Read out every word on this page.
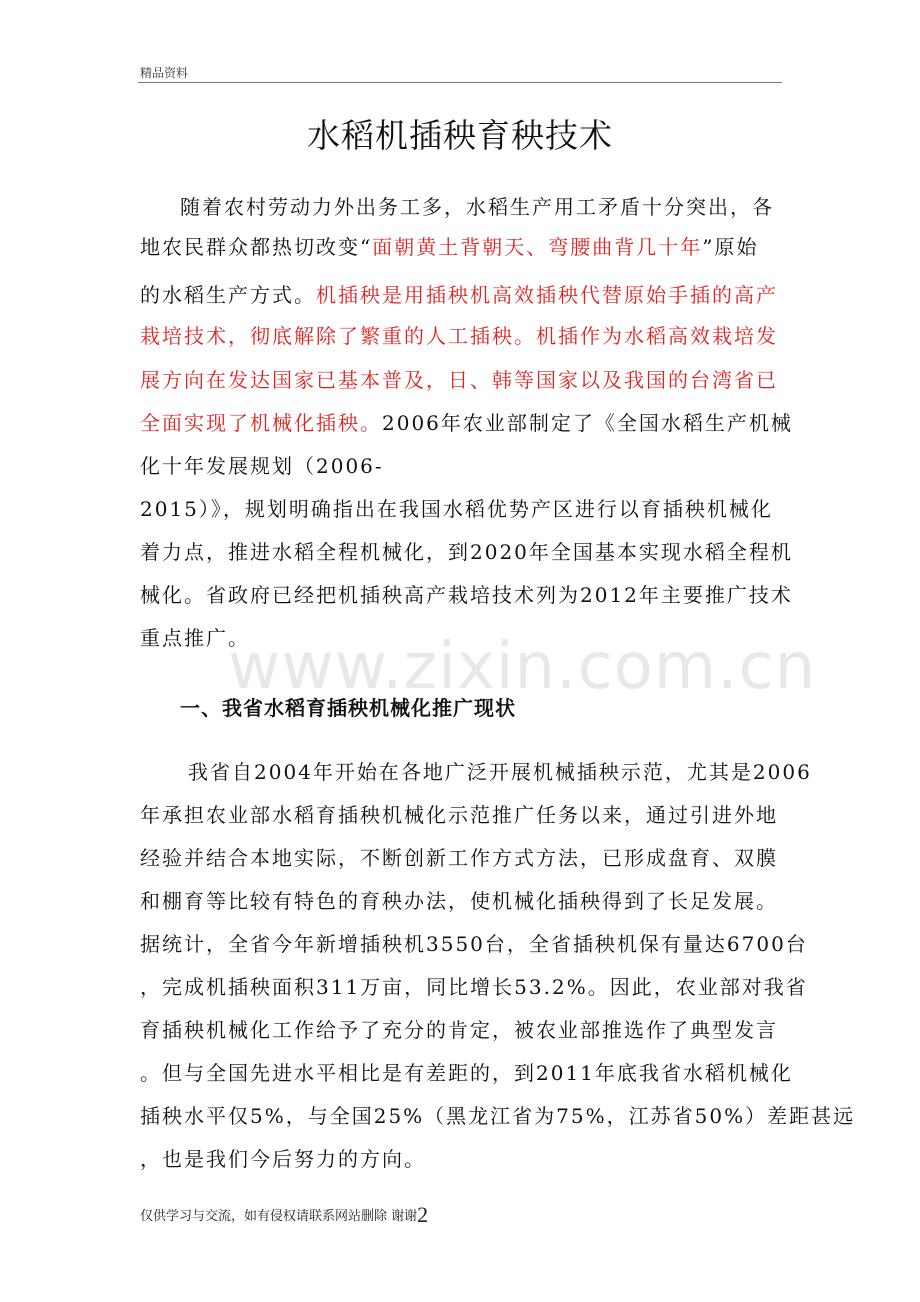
精品资料
水稻机插秧育秧技术
随着农村劳动力外出务工多，水稻生产用工矛盾十分突出，各
地农民群众都热切改变“面朝黄土背朝天、弯腰曲背几十年”原始
的水稻生产方式。机插秧是用插秧机高效插秧代替原始手插的高产
栽培技术，彻底解除了繁重的人工插秧。机插作为水稻高效栽培发
展方向在发达国家已基本普及，日、韩等国家以及我国的台湾省已
全面实现了机械化插秧。2006年农业部制定了《全国水稻生产机械
化十年发展规划（2006-
2015）》，规划明确指出在我国水稻优势产区进行以育插秧机械化
着力点，推进水稻全程机械化，到2020年全国基本实现水稻全程机
械化。省政府已经把机插秧高产栽培技术列为2012年主要推广技术
重点推广。
www.zixin.com.cn
一、我省水稻育插秧机械化推广现状
我省自2004年开始在各地广泛开展机械插秧示范，尤其是2006
年承担农业部水稻育插秧机械化示范推广任务以来，通过引进外地
经验并结合本地实际，不断创新工作方式方法，已形成盘育、双膜
和棚育等比较有特色的育秧办法，使机械化插秧得到了长足发展。
据统计，全省今年新增插秧机3550台，全省插秧机保有量达6700台
，完成机插秧面积311万亩，同比增长53.2%。因此，农业部对我省
育插秧机械化工作给予了充分的肯定，被农业部推选作了典型发言
。但与全国先进水平相比是有差距的，到2011年底我省水稻机械化
插秧水平仅5%，与全国25%（黑龙江省为75%，江苏省50%）差距甚远
，也是我们今后努力的方向。
仅供学习与交流，如有侵权请联系网站删除 谢谢2
